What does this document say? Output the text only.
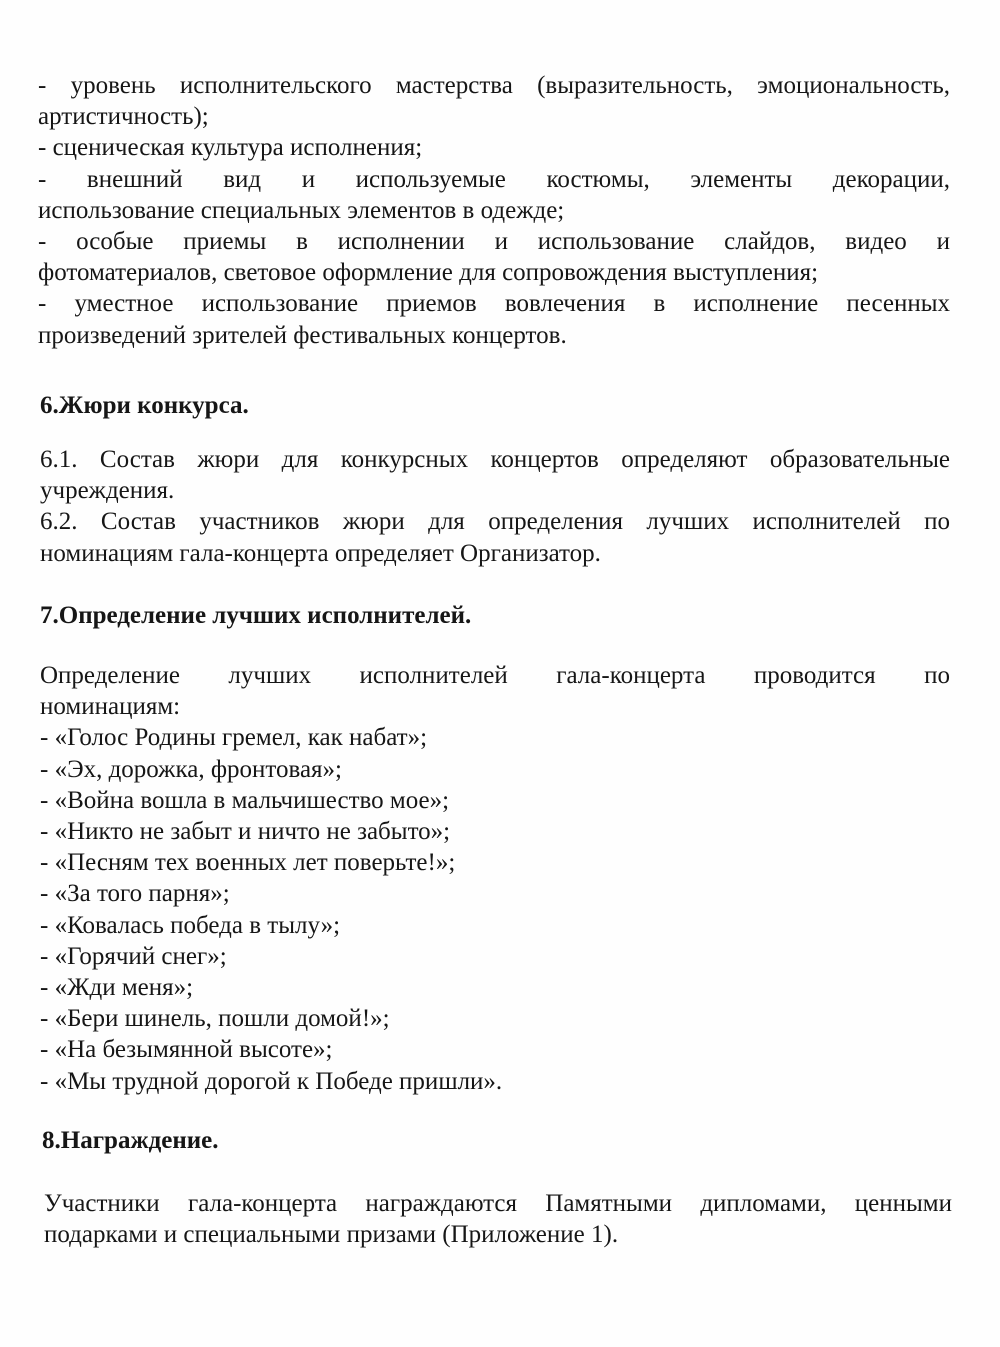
- уровень исполнительского мастерства (выразительность, эмоциональность,
артистичность);
- сценическая культура исполнения;
- внешний вид и используемые костюмы, элементы декорации,
использование специальных элементов в одежде;
- особые приемы в исполнении и использование слайдов, видео и
фотоматериалов, световое оформление для сопровождения выступления;
- уместное использование приемов вовлечения в исполнение песенных
произведений зрителей фестивальных концертов.
6.Жюри конкурса.
6.1. Состав жюри для конкурсных концертов определяют образовательные
учреждения.
6.2. Состав участников жюри для определения лучших исполнителей по
номинациям гала-концерта определяет Организатор.
7.Определение лучших исполнителей.
Определение лучших исполнителей гала-концерта проводится по
номинациям:
- «Голос Родины гремел, как набат»;
- «Эх, дорожка, фронтовая»;
- «Война вошла в мальчишество мое»;
- «Никто не забыт и ничто не забыто»;
- «Песням тех военных лет поверьте!»;
- «За того парня»;
- «Ковалась победа в тылу»;
- «Горячий снег»;
- «Жди меня»;
- «Бери шинель, пошли домой!»;
- «На безымянной высоте»;
- «Мы трудной дорогой к Победе пришли».
8.Награждение.
Участники гала-концерта награждаются Памятными дипломами, ценными
подарками и специальными призами (Приложение 1).
